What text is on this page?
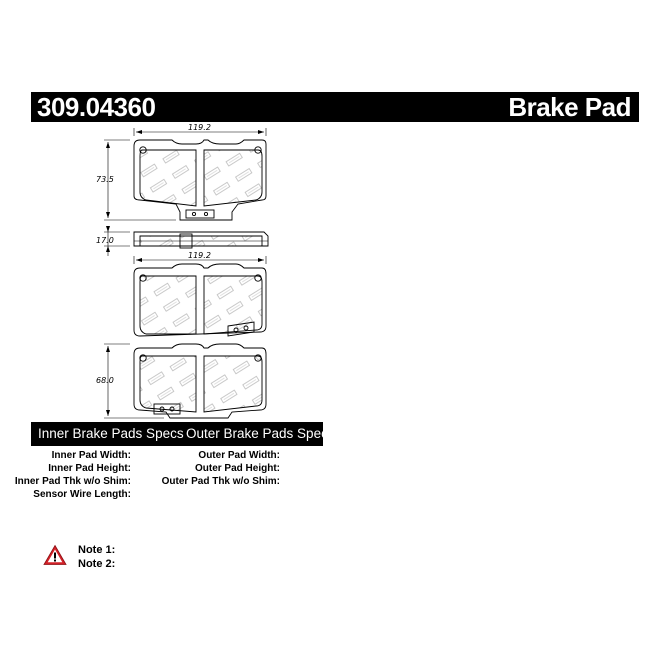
309.04360	Brake Pad
119.2
73.5
17.0
119.2
68.0
Inner Brake Pads Specs Outer Brake Pads Specs
Inner Pad Width:
Inner Pad Height:
Inner Pad Thk w/o Shim:
Sensor Wire Length:
Outer Pad Width:
Outer Pad Height:
Outer Pad Thk w/o Shim:
Note 1:
Note 2:
